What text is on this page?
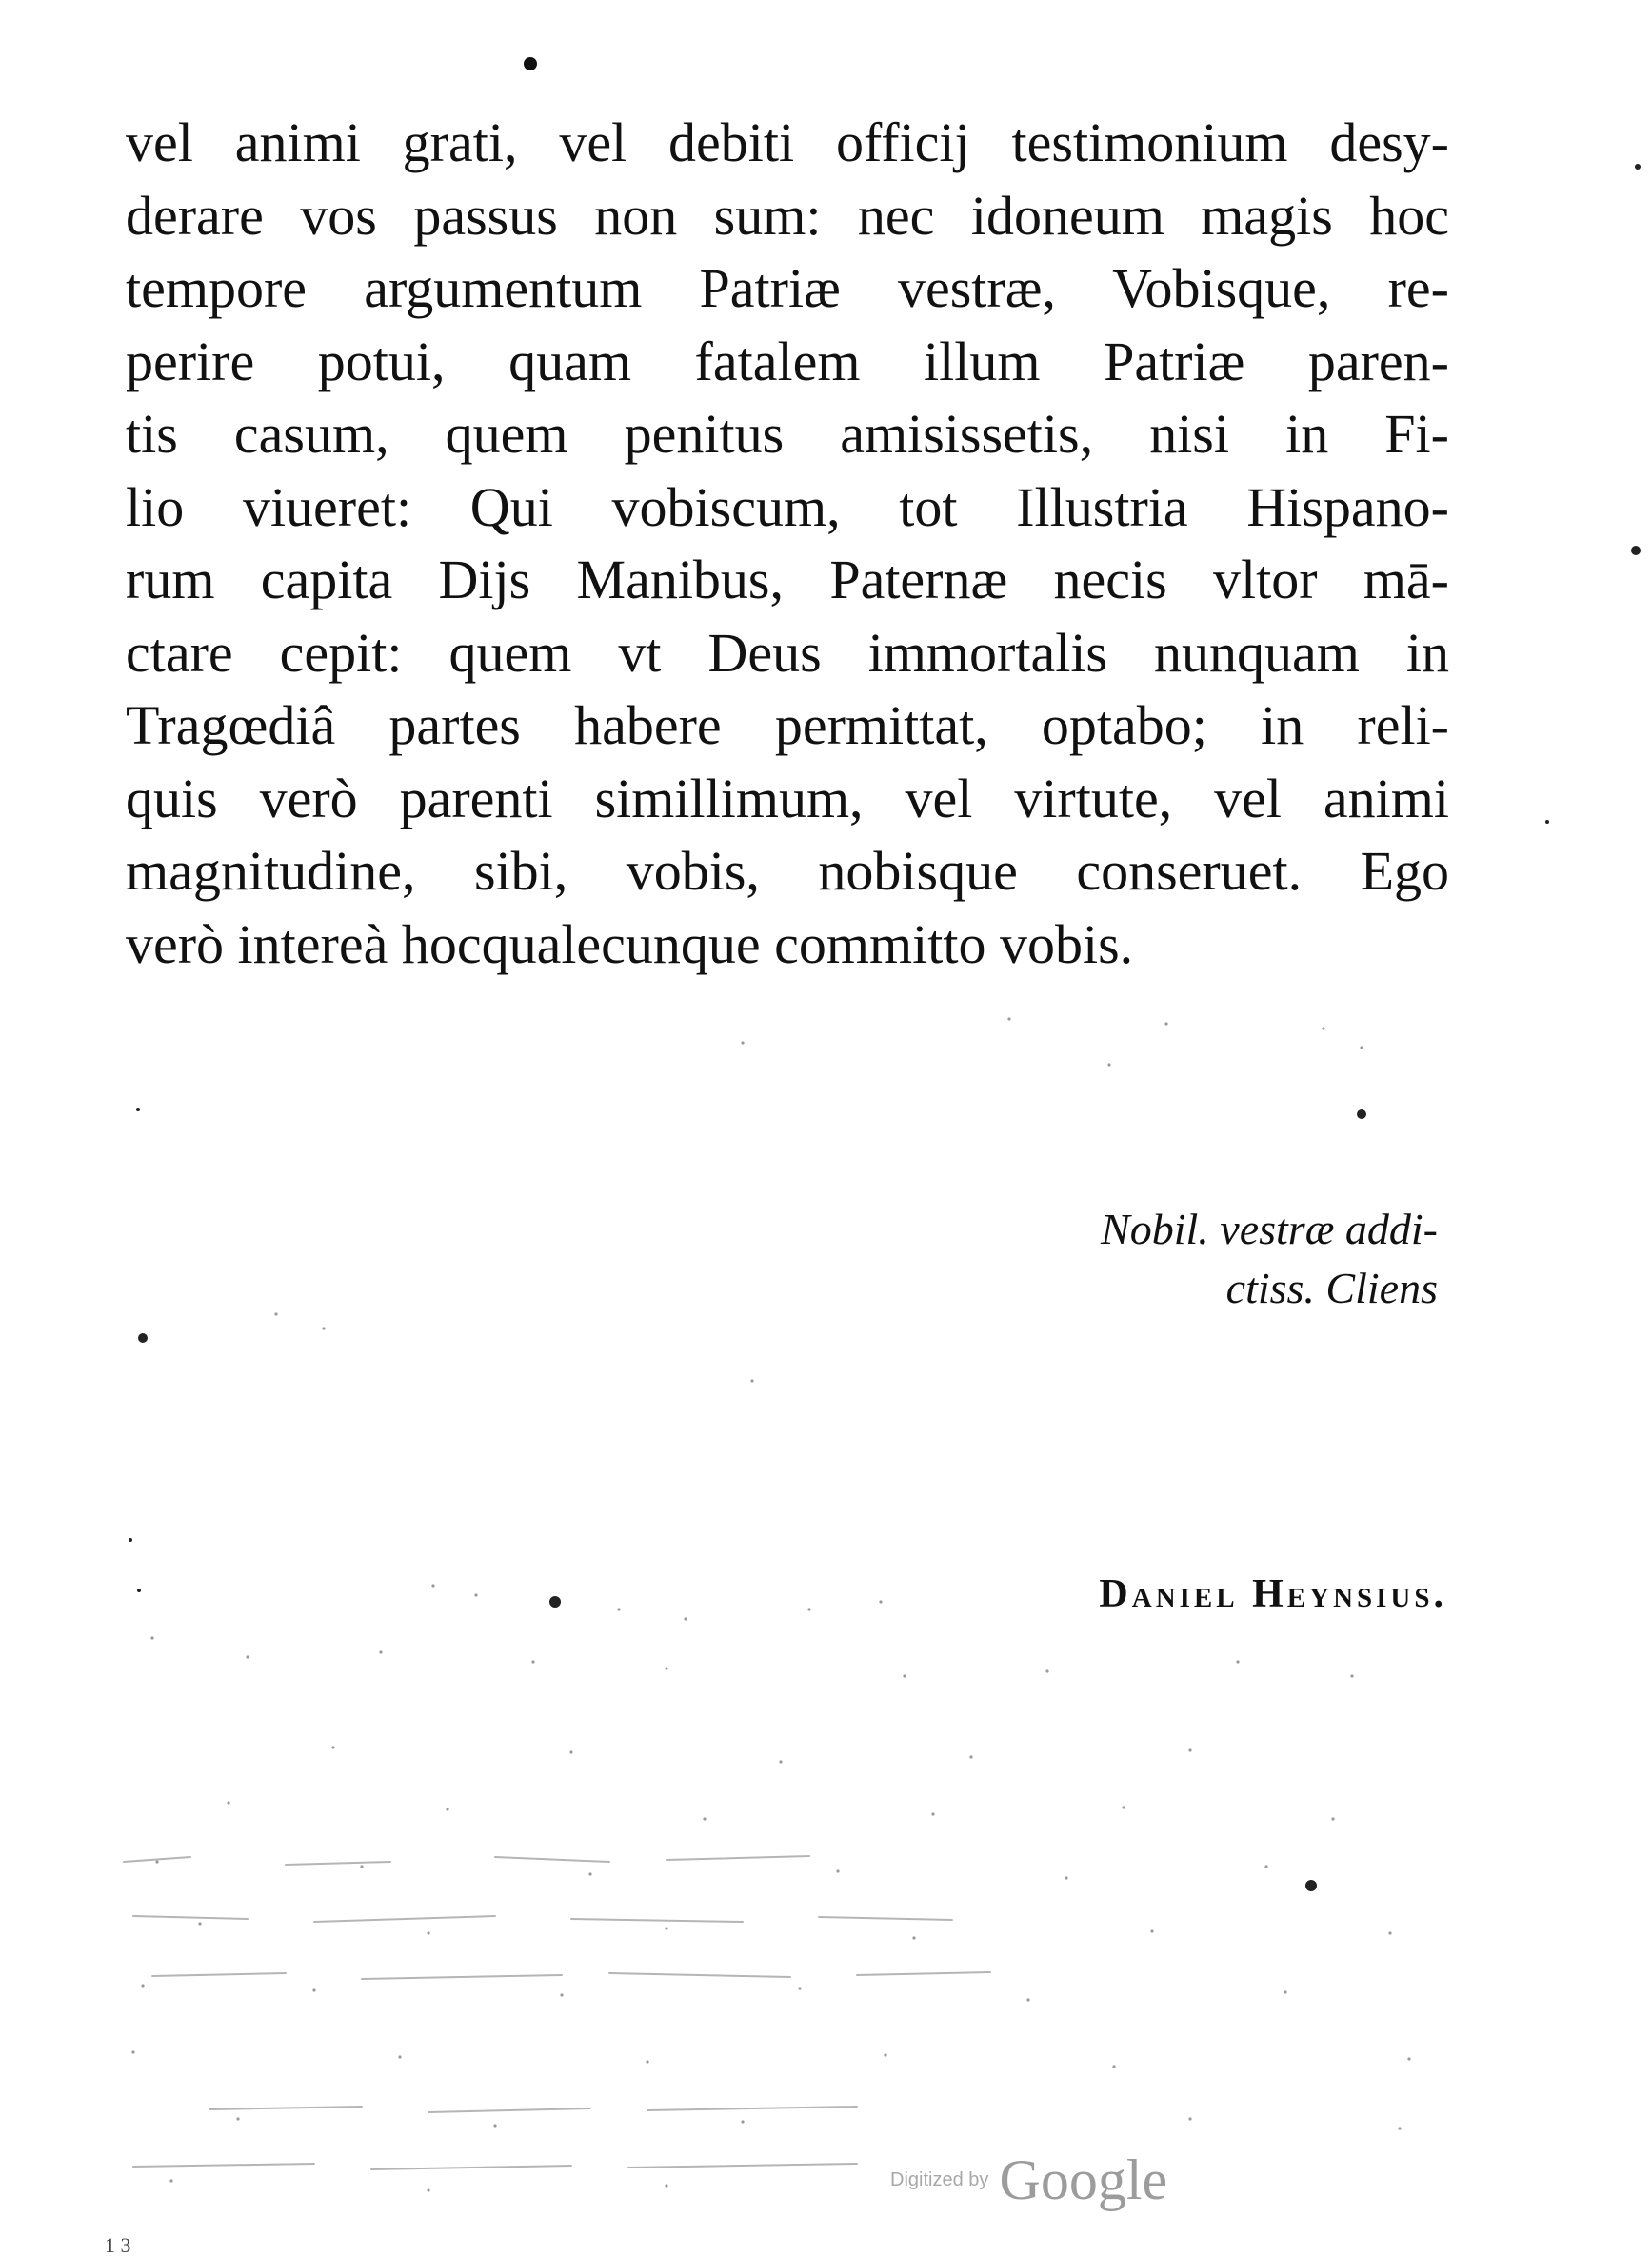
vel animi grati, vel debiti officij testimonium desy-
derare vos passus non sum: nec idoneum magis hoc
tempore argumentum Patriæ vestræ, Vobisque, re-
perire potui, quam fatalem illum Patriæ paren-
tis casum, quem penitus amisissetis, nisi in Fi-
lio viueret: Qui vobiscum, tot Illustria Hispano-
rum capita Dijs Manibus, Paternæ necis vltor mā-
ctare cepit: quem vt Deus immortalis nunquam in
Tragœdiâ partes habere permittat, optabo; in reli-
quis verò parenti simillimum, vel virtute, vel animi
magnitudine, sibi, vobis, nobisque conseruet. Ego
verò intereà hocqualecunque committo vobis.
Nobil. vestræ addi-
ctiss. Cliens
Daniel Heynsius.
Digitized by Google
1 3
